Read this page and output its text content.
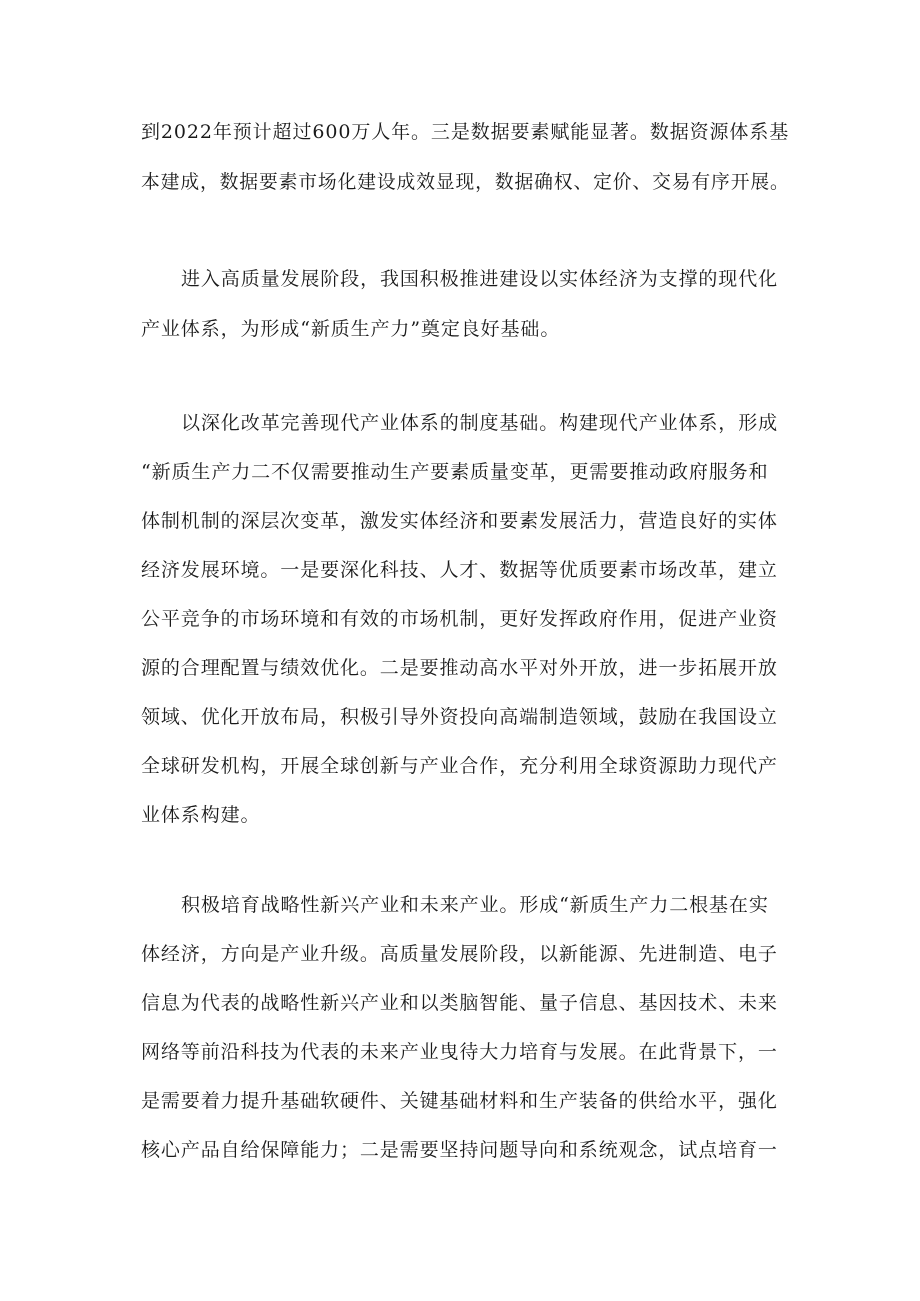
到2022年预计超过600万人年。三是数据要素赋能显著。数据资源体系基
本建成，数据要素市场化建设成效显现，数据确权、定价、交易有序开展。
进入高质量发展阶段，我国积极推进建设以实体经济为支撑的现代化
产业体系，为形成“新质生产力”奠定良好基础。
以深化改革完善现代产业体系的制度基础。构建现代产业体系，形成
“新质生产力二不仅需要推动生产要素质量变革，更需要推动政府服务和
体制机制的深层次变革，激发实体经济和要素发展活力，营造良好的实体
经济发展环境。一是要深化科技、人才、数据等优质要素市场改革，建立
公平竞争的市场环境和有效的市场机制，更好发挥政府作用，促进产业资
源的合理配置与绩效优化。二是要推动高水平对外开放，进一步拓展开放
领域、优化开放布局，积极引导外资投向高端制造领域，鼓励在我国设立
全球研发机构，开展全球创新与产业合作，充分利用全球资源助力现代产
业体系构建。
积极培育战略性新兴产业和未来产业。形成“新质生产力二根基在实
体经济，方向是产业升级。高质量发展阶段，以新能源、先进制造、电子
信息为代表的战略性新兴产业和以类脑智能、量子信息、基因技术、未来
网络等前沿科技为代表的未来产业曳待大力培育与发展。在此背景下，一
是需要着力提升基础软硬件、关键基础材料和生产装备的供给水平，强化
核心产品自给保障能力；二是需要坚持问题导向和系统观念，试点培育一
